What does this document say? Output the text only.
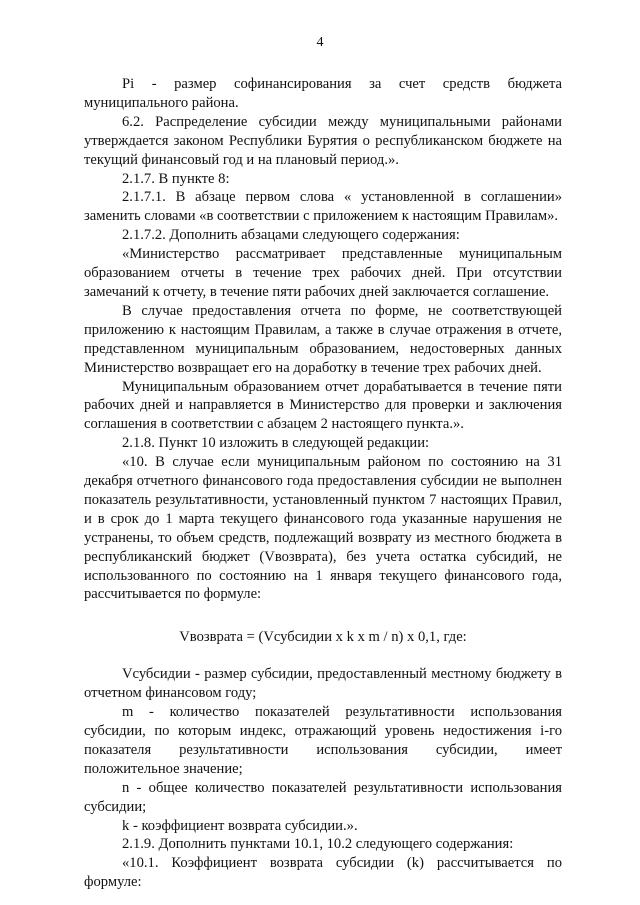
4

Pi - размер софинансирования за счет средств бюджета муниципального района.

6.2. Распределение субсидии между муниципальными районами утверждается законом Республики Бурятия о республиканском бюджете на текущий финансовый год и на плановый период.».

2.1.7. В пункте 8:

2.1.7.1. В абзаце первом слова « установленной в соглашении» заменить словами «в соответствии с приложением к настоящим Правилам».

2.1.7.2. Дополнить абзацами следующего содержания:

«Министерство рассматривает представленные муниципальным образованием отчеты в течение трех рабочих дней. При отсутствии замечаний к отчету, в течение пяти рабочих дней заключается соглашение.

В случае предоставления отчета по форме, не соответствующей приложению к настоящим Правилам, а также в случае отражения в отчете, представленном муниципальным образованием, недостоверных данных Министерство возвращает его на доработку в течение трех рабочих дней.

Муниципальным образованием отчет дорабатывается в течение пяти рабочих дней и направляется в Министерство для проверки и заключения соглашения в соответствии с абзацем 2 настоящего пункта.».

2.1.8. Пункт 10 изложить в следующей редакции:

«10. В случае если муниципальным районом по состоянию на 31 декабря отчетного финансового года предоставления субсидии не выполнен показатель результативности, установленный пунктом 7 настоящих Правил, и в срок до 1 марта текущего финансового года указанные нарушения не устранены, то объем средств, подлежащий возврату из местного бюджета в республиканский бюджет (Vвозврата), без учета остатка субсидий, не использованного по состоянию на 1 января текущего финансового года, рассчитывается по формуле:

Vвозврата = (Vсубсидии x k x m / n) x 0,1, где:

Vсубсидии - размер субсидии, предоставленный местному бюджету в отчетном финансовом году;

m - количество показателей результативности использования субсидии, по которым индекс, отражающий уровень недостижения i-го показателя результативности использования субсидии, имеет положительное значение;

n - общее количество показателей результативности использования субсидии;

k - коэффициент возврата субсидии.».

2.1.9. Дополнить пунктами 10.1, 10.2 следующего содержания:

«10.1. Коэффициент возврата субсидии (k) рассчитывается по формуле:
